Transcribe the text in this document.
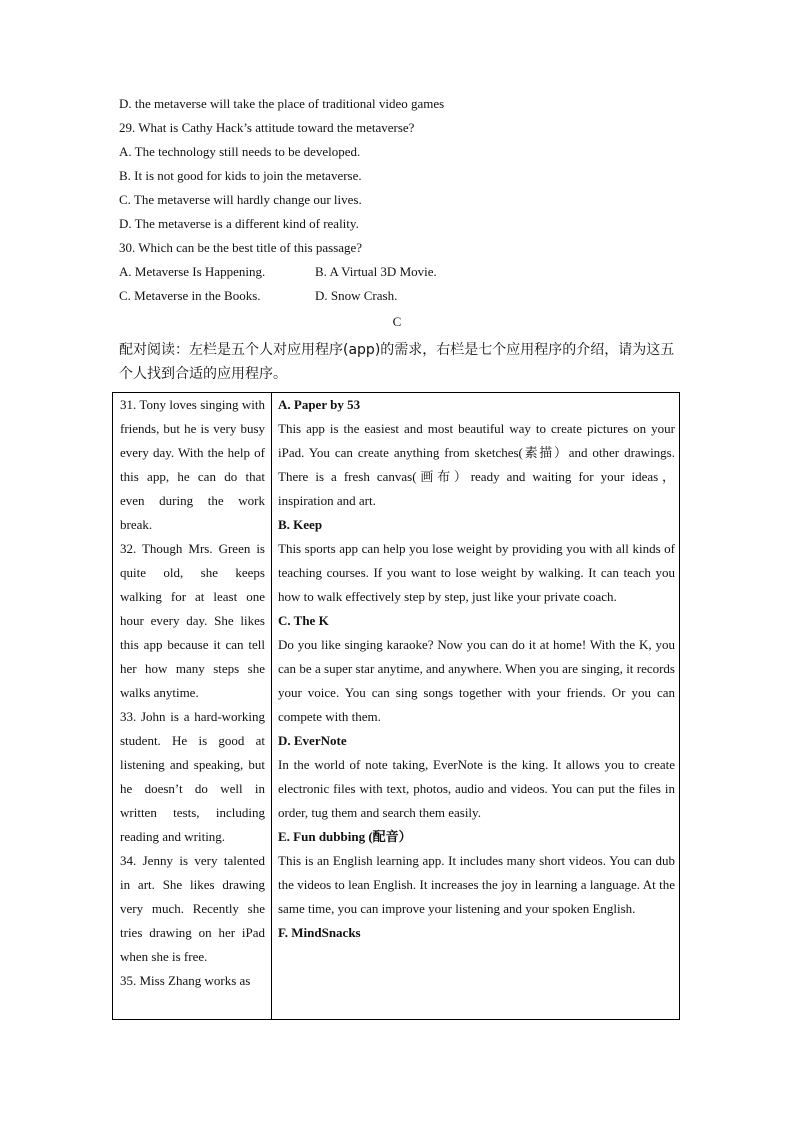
D. the metaverse will take the place of traditional video games
29. What is Cathy Hack’s attitude toward the metaverse?
A. The technology still needs to be developed.
B. It is not good for kids to join the metaverse.
C. The metaverse will hardly change our lives.
D. The metaverse is a different kind of reality.
30. Which can be the best title of this passage?
A. Metaverse Is Happening.	B. A Virtual 3D Movie.
C. Metaverse in the Books.	D. Snow Crash.
C
配对阅读：左栏是五个人对应用程序(app)的需求，右栏是七个应用程序的介绍，请为这五个人找到合适的应用程序。

31. Tony loves singing with friends, but he is very busy every day. With the help of this app, he can do that even during the work break.

32. Though Mrs. Green is quite old, she keeps walking for at least one hour every day. She likes this app because it can tell her how many steps she walks anytime.

33. John is a hard-working student. He is good at listening and speaking, but he doesn’t do well in written tests, including reading and writing.

34. Jenny is very talented in art. She likes drawing very much. Recently she tries drawing on her iPad when she is free.

35. Miss Zhang works as

A. Paper by 53

This app is the easiest and most beautiful way to create pictures on your iPad. You can create anything from sketches(素描）and other drawings. There is a fresh canvas(画布）ready and waiting for your ideas，inspiration and art.

B. Keep

This sports app can help you lose weight by providing you with all kinds of teaching courses. If you want to lose weight by walking. It can teach you how to walk effectively step by step, just like your private coach.

C. The K

Do you like singing karaoke? Now you can do it at home! With the K, you can be a super star anytime, and anywhere. When you are singing, it records your voice. You can sing songs together with your friends. Or you can compete with them.

D. EverNote

In the world of note taking, EverNote is the king. It allows you to create electronic files with text, photos, audio and videos. You can put the files in order, tug them and search them easily.

E. Fun dubbing (配音）

This is an English learning app. It includes many short videos. You can dub the videos to lean English. It increases the joy in learning a language. At the same time, you can improve your listening and your spoken English.

F. MindSnacks
